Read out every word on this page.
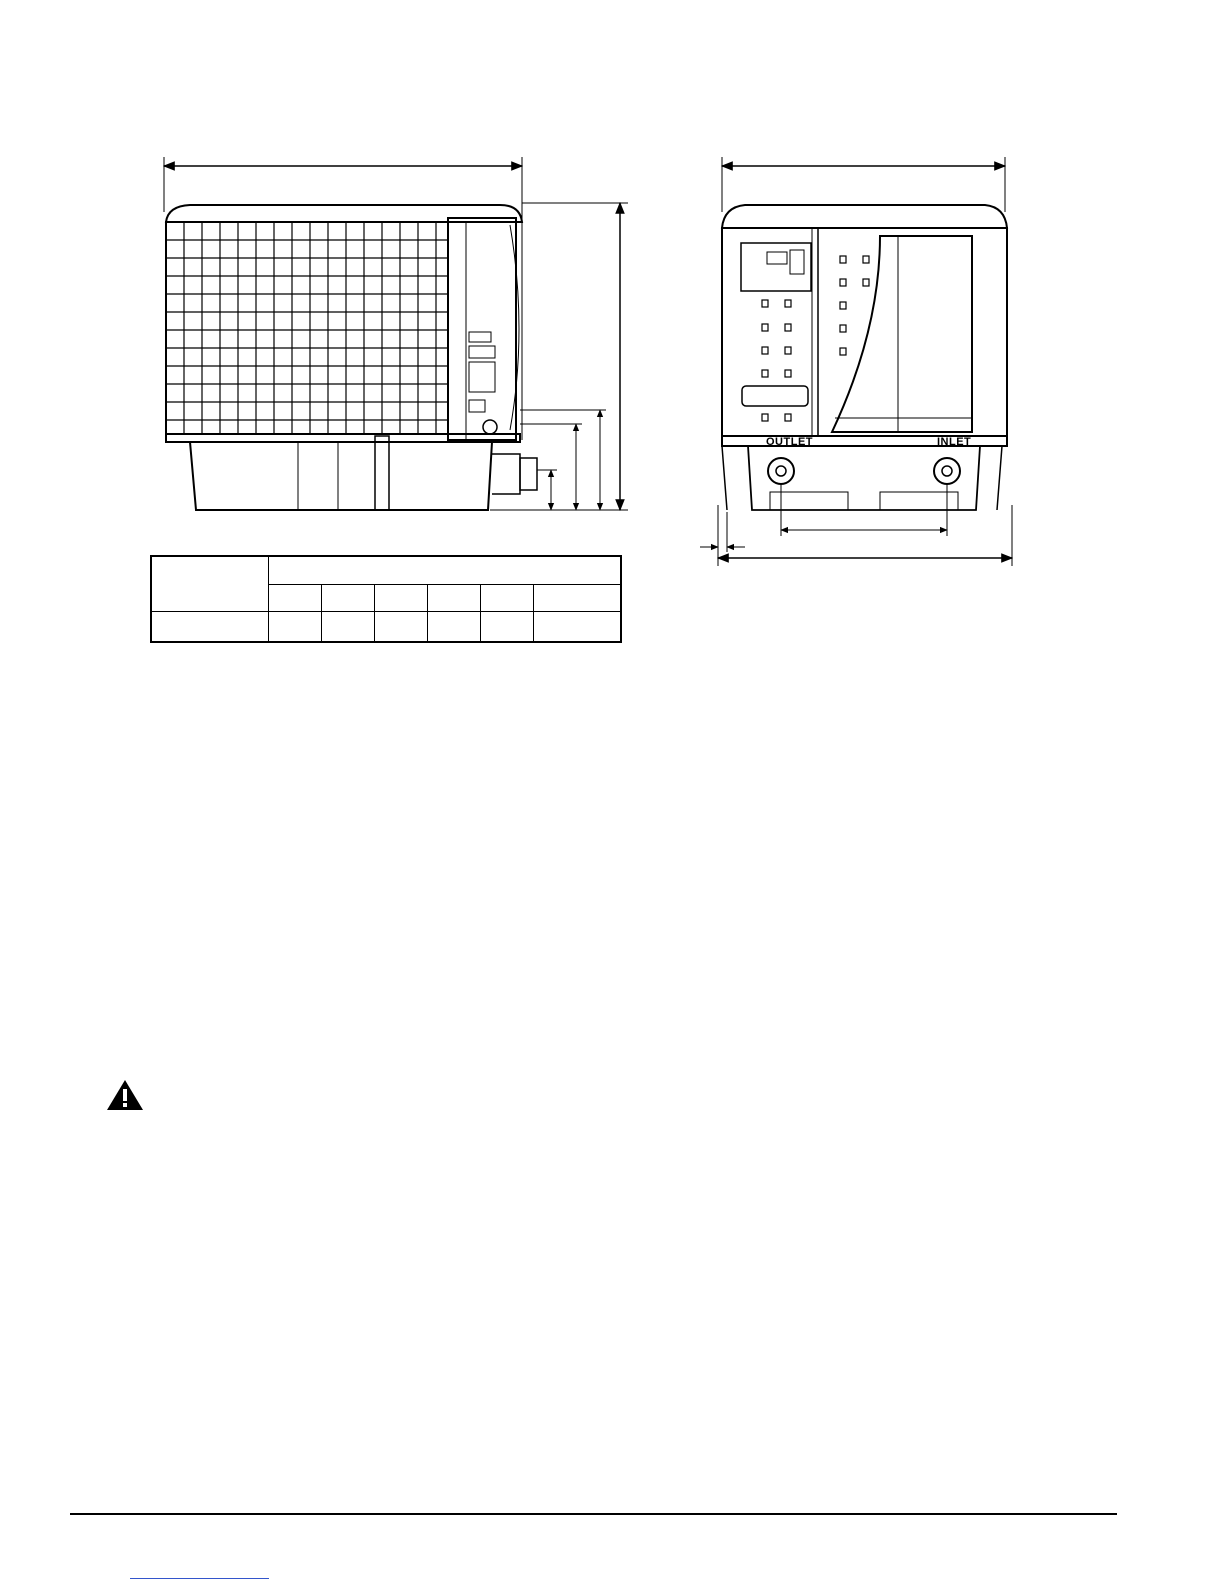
OUTLET	INLET
